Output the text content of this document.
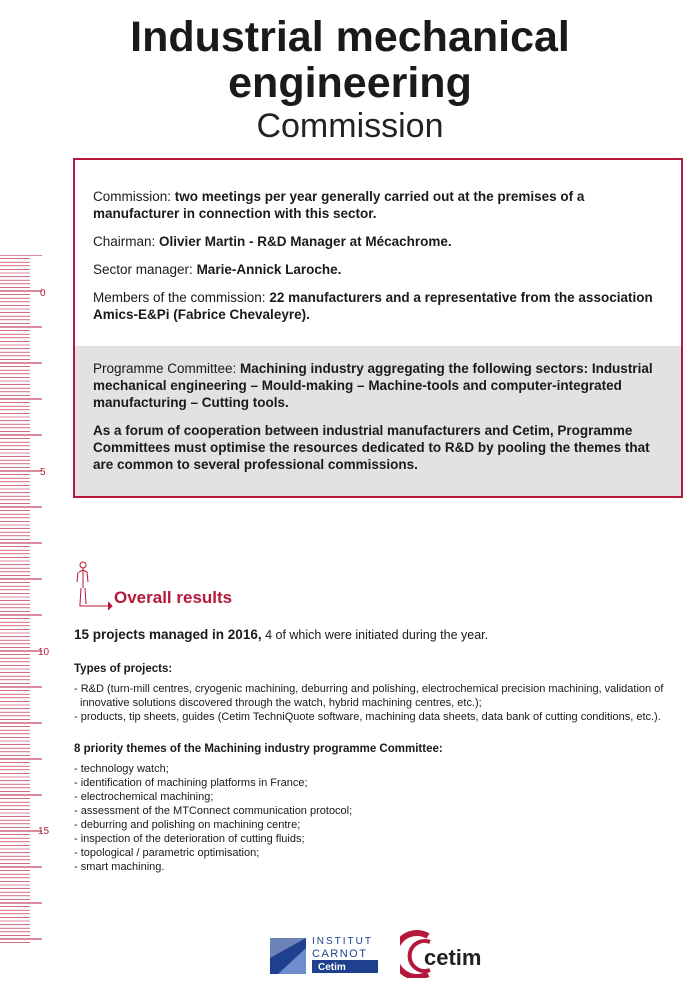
Industrial mechanical
engineering
Commission
0
5
10
15

Commission: two meetings per year generally carried out at the premises of a manufacturer in connection with this sector.

Chairman: Olivier Martin - R&D Manager at Mécachrome.

Sector manager: Marie-Annick Laroche.

Members of the commission: 22 manufacturers and a representative from the association Amics-E&Pi (Fabrice Chevaleyre).

Programme Committee: Machining industry aggregating the following sectors: Industrial mechanical engineering – Mould-making – Machine-tools and computer-integrated manufacturing – Cutting tools.

As a forum of cooperation between industrial manufacturers and Cetim, Programme Committees must optimise the resources dedicated to R&D by pooling the themes that are common to several professional commissions.

Overall results

15 projects managed in 2016, 4 of which were initiated during the year.

Types of projects:
- R&D (turn-mill centres, cryogenic machining, deburring and polishing, electrochemical precision machining, validation of innovative solutions discovered through the watch, hybrid machining centres, etc.);
- products, tip sheets, guides (Cetim TechniQuote software, machining data sheets, data bank of cutting conditions, etc.).
8 priority themes of the Machining industry programme Committee:
- technology watch;
- identification of machining platforms in France;
- electrochemical machining;
- assessment of the MTConnect communication protocol;
- deburring and polishing on machining centre;
- inspection of the deterioration of cutting fluids;
- topological / parametric optimisation;
- smart machining.
INSTITUT
CARNOT
Cetim	cetim
